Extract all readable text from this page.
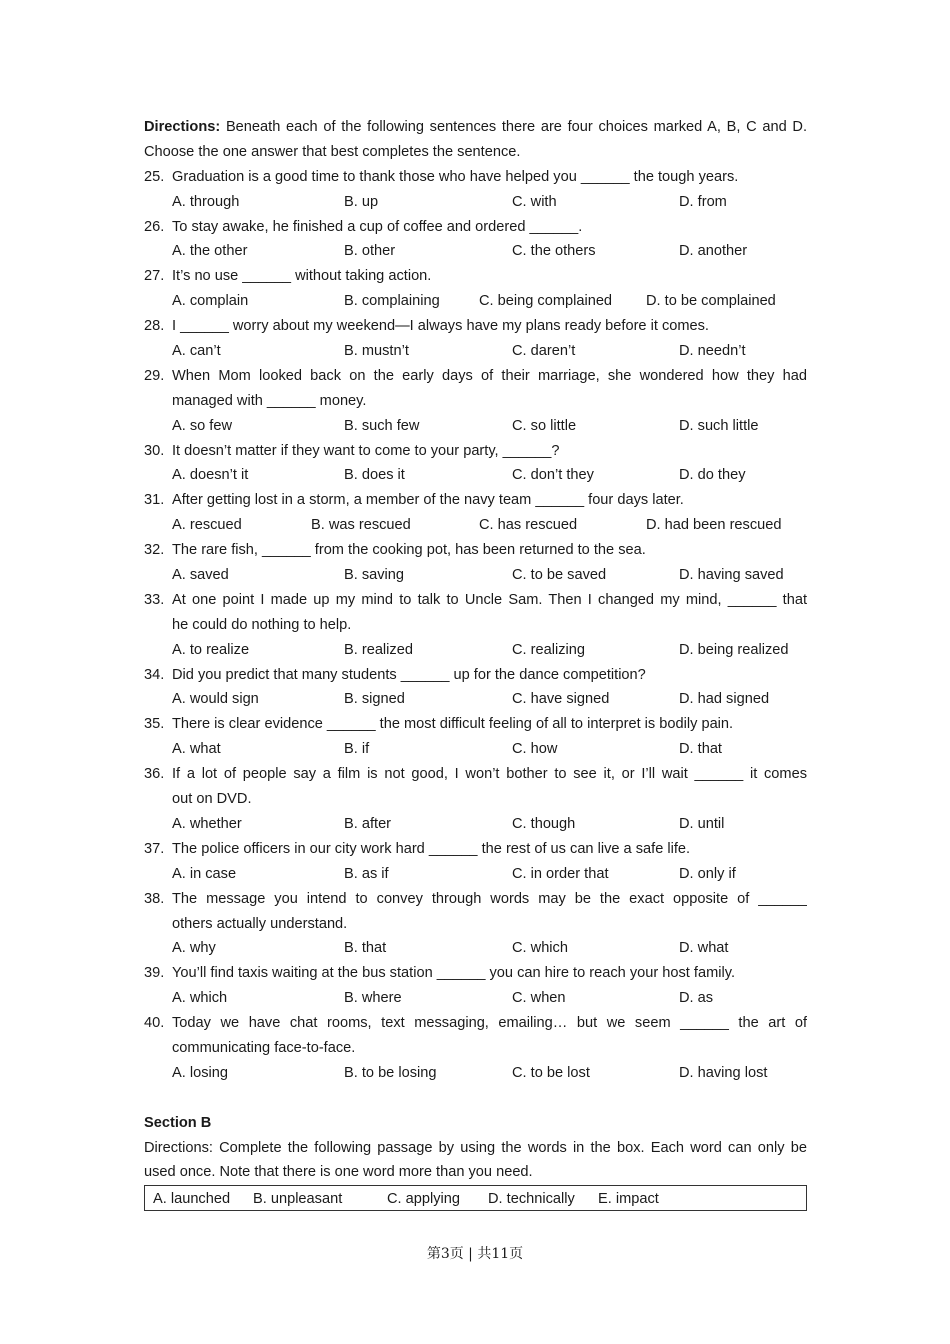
Directions: Beneath each of the following sentences there are four choices marked A, B, C and D.
Choose the one answer that best completes the sentence.
25. Graduation is a good time to thank those who have helped you ______ the tough years.
A. through	B. up	C. with	D. from
26. To stay awake, he finished a cup of coffee and ordered ______.
A. the other	B. other	C. the others	D. another
27. It’s no use ______ without taking action.
A. complain	B. complaining	C. being complained D. to be complained
28. I ______ worry about my weekend—I always have my plans ready before it comes.
A. can’t	B. mustn’t	C. daren’t	D. needn’t
29. When Mom looked back on the early days of their marriage, she wondered how they had
managed with ______ money.
A. so few	B. such few	C. so little	D. such little
30. It doesn’t matter if they want to come to your party, ______?
A. doesn’t it	B. does it	C. don’t they	D. do they
31. After getting lost in a storm, a member of the navy team ______ four days later.
A. rescued	B. was rescued	C. has rescued	D. had been rescued
32. The rare fish, ______ from the cooking pot, has been returned to the sea.
A. saved	B. saving	C. to be saved	D. having saved
33. At one point I made up my mind to talk to Uncle Sam. Then I changed my mind, ______ that
he could do nothing to help.
A. to realize	B. realized	C. realizing	D. being realized
34. Did you predict that many students ______ up for the dance competition?
A. would sign	B. signed	C. have signed	D. had signed
35. There is clear evidence ______ the most difficult feeling of all to interpret is bodily pain.
A. what	B. if	C. how	D. that
36. If a lot of people say a film is not good, I won’t bother to see it, or I’ll wait ______ it comes
out on DVD.
A. whether	B. after	C. though	D. until
37. The police officers in our city work hard ______ the rest of us can live a safe life.
A. in case	B. as if	C. in order that	D. only if
38. The message you intend to convey through words may be the exact opposite of ______
others actually understand.
A. why	B. that	C. which	D. what
39. You’ll find taxis waiting at the bus station ______ you can hire to reach your host family.
A. which	B. where	C. when	D. as
40. Today we have chat rooms, text messaging, emailing… but we seem ______ the art of
communicating face-to-face.
A. losing	B. to be losing	C. to be lost	D. having lost
Section B
Directions: Complete the following passage by using the words in the box. Each word can only be
used once. Note that there is one word more than you need.
A. launched B. unpleasant	C. applying D. technically E. impact
第3页 | 共11页
